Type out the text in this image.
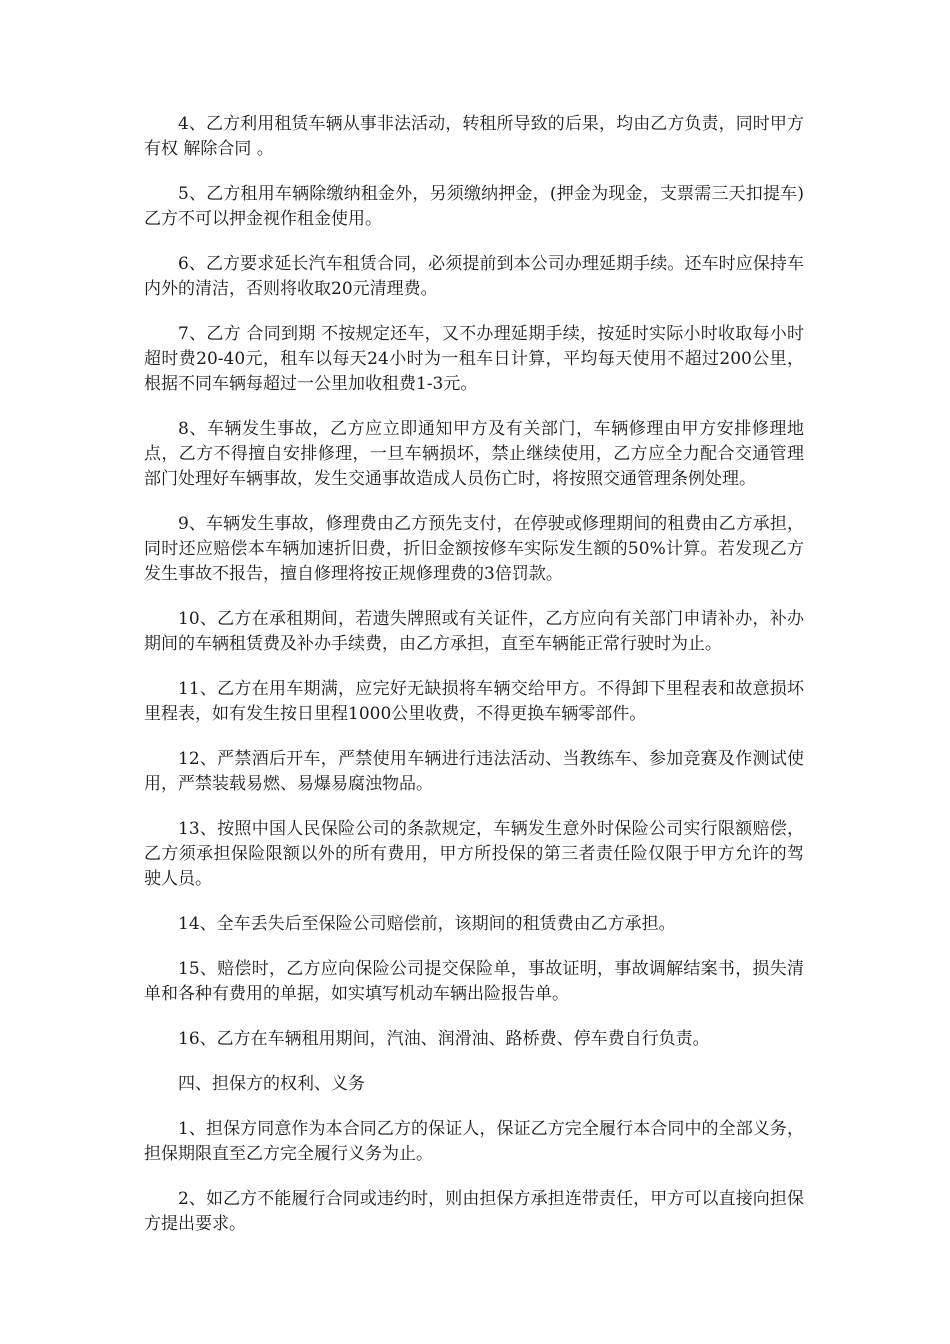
4、乙方利用租赁车辆从事非法活动，转租所导致的后果，均由乙方负责，同时甲方有权 解除合同 。

5、乙方租用车辆除缴纳租金外，另须缴纳押金，(押金为现金，支票需三天扣提车)乙方不可以押金视作租金使用。

6、乙方要求延长汽车租赁合同，必须提前到本公司办理延期手续。还车时应保持车内外的清洁，否则将收取20元清理费。

7、乙方 合同到期 不按规定还车，又不办理延期手续，按延时实际小时收取每小时超时费20-40元，租车以每天24小时为一租车日计算，平均每天使用不超过200公里，根据不同车辆每超过一公里加收租费1-3元。

8、车辆发生事故，乙方应立即通知甲方及有关部门，车辆修理由甲方安排修理地点，乙方不得擅自安排修理，一旦车辆损坏，禁止继续使用，乙方应全力配合交通管理部门处理好车辆事故，发生交通事故造成人员伤亡时，将按照交通管理条例处理。

9、车辆发生事故，修理费由乙方预先支付，在停驶或修理期间的租费由乙方承担，同时还应赔偿本车辆加速折旧费，折旧金额按修车实际发生额的50%计算。若发现乙方发生事故不报告，擅自修理将按正规修理费的3倍罚款。

10、乙方在承租期间，若遗失牌照或有关证件，乙方应向有关部门申请补办，补办期间的车辆租赁费及补办手续费，由乙方承担，直至车辆能正常行驶时为止。

11、乙方在用车期满，应完好无缺损将车辆交给甲方。不得卸下里程表和故意损坏里程表，如有发生按日里程1000公里收费，不得更换车辆零部件。

12、严禁酒后开车，严禁使用车辆进行违法活动、当教练车、参加竞赛及作测试使用，严禁装载易燃、易爆易腐浊物品。

13、按照中国人民保险公司的条款规定，车辆发生意外时保险公司实行限额赔偿，乙方须承担保险限额以外的所有费用，甲方所投保的第三者责任险仅限于甲方允许的驾驶人员。

14、全车丢失后至保险公司赔偿前，该期间的租赁费由乙方承担。

15、赔偿时，乙方应向保险公司提交保险单，事故证明，事故调解结案书，损失清单和各种有费用的单据，如实填写机动车辆出险报告单。

16、乙方在车辆租用期间，汽油、润滑油、路桥费、停车费自行负责。

四、担保方的权利、义务

1、担保方同意作为本合同乙方的保证人，保证乙方完全履行本合同中的全部义务，担保期限直至乙方完全履行义务为止。

2、如乙方不能履行合同或违约时，则由担保方承担连带责任，甲方可以直接向担保方提出要求。
